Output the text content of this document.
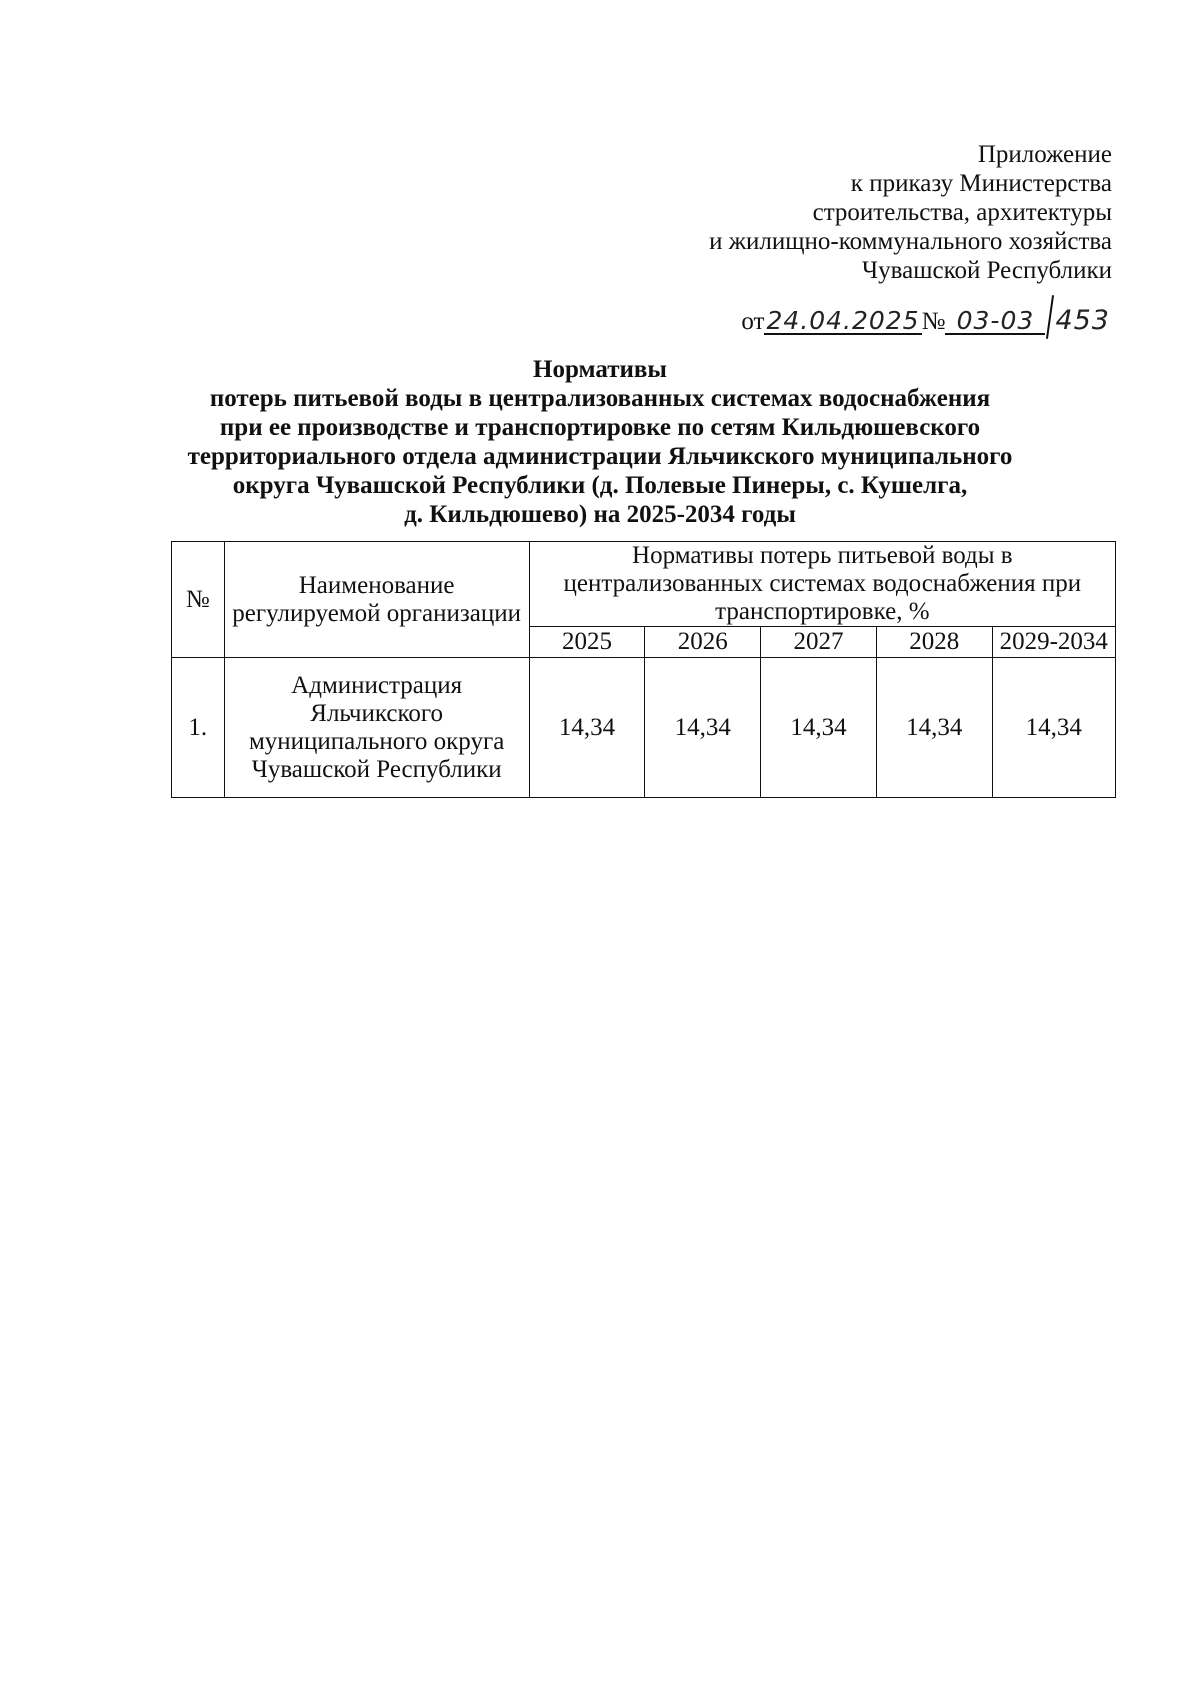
Приложение
к приказу Министерства
строительства, архитектуры
и жилищно-коммунального хозяйства
Чувашской Республики
от 24.04.2025 № 03-03 453
Нормативы
потерь питьевой воды в централизованных системах водоснабжения
при ее производстве и транспортировке по сетям Кильдюшевского
территориального отдела администрации Яльчикского муниципального
округа Чувашской Республики (д. Полевые Пинеры, с. Кушелга,
д. Кильдюшево) на 2025-2034 годы
№	Наименование регулируемой организации	Нормативы потерь питьевой воды в централизованных системах водоснабжения при транспортировке, %				
		2025	2026	2027	2028	2029-2034
1.	Администрация Яльчикского муниципального округа Чувашской Республики	14,34	14,34	14,34	14,34	14,34
